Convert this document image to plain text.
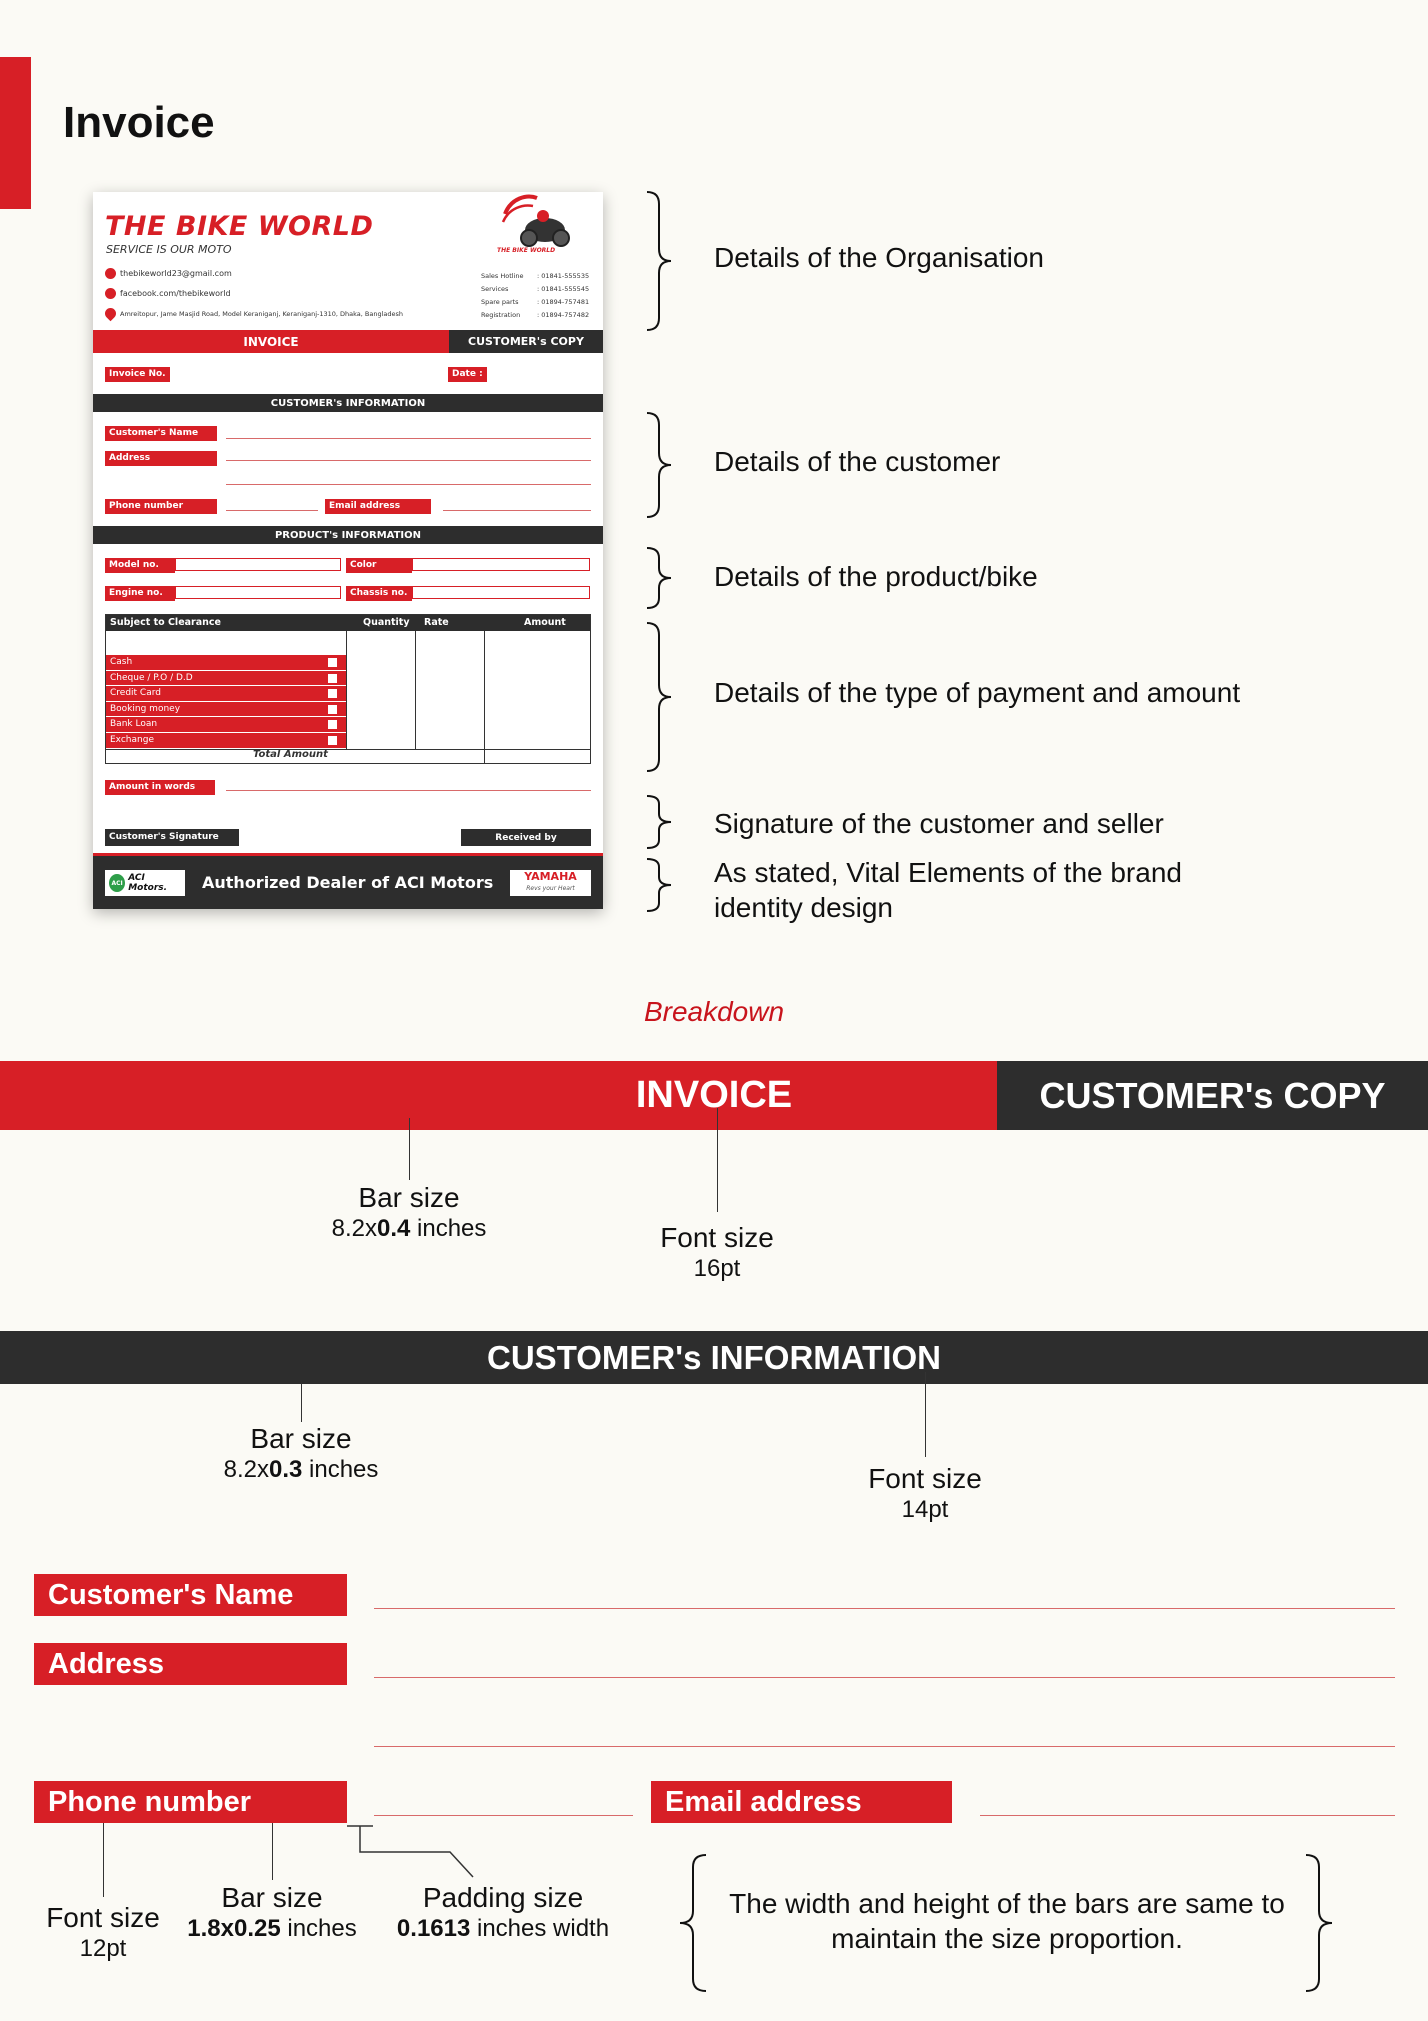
Invoice
THE BIKE WORLD
SERVICE IS OUR MOTO	THE BIKE WORLD
thebikeworld23@gmail.com
facebook.com/thebikeworld
Amreitopur, Jame Masjid Road, Model Keraniganj, Keraniganj-1310, Dhaka, Bangladesh
Sales Hotline	: 01841-555535
Services	: 01841-555545
Spare parts	: 01894-757481
Registration	: 01894-757482
INVOICE	CUSTOMER's COPY
Invoice No.	Date :
CUSTOMER's INFORMATION
Customer's Name
Address
Phone number	Email address
PRODUCT's INFORMATION
Model no.	Color
Engine no.	Chassis no.
Subject to Clearance	Quantity Rate	Amount
Cash
Cheque / P.O / D.D
Credit Card
Booking money
Bank Loan
Exchange
Total Amount
Amount in words
Customer's Signature	Received by
ACI ACI Motors.	Authorized Dealer of ACI Motors	YAMAHA
Revs your Heart
Details of the Organisation
Details of the customer
Details of the product/bike
Details of the type of payment and amount
Signature of the customer and seller
As stated, Vital Elements of the brand identity design
Breakdown
INVOICE	CUSTOMER's COPY
Bar size
8.2x0.4 inches	Font size
16pt
CUSTOMER's INFORMATION
Bar size
8.2x0.3 inches	Font size
14pt
Customer's Name
Address
Phone number	Email address
Font size
12pt
Bar size
1.8x0.25 inches
Padding size
0.1613 inches width
The width and height of the bars are same to maintain the size proportion.
